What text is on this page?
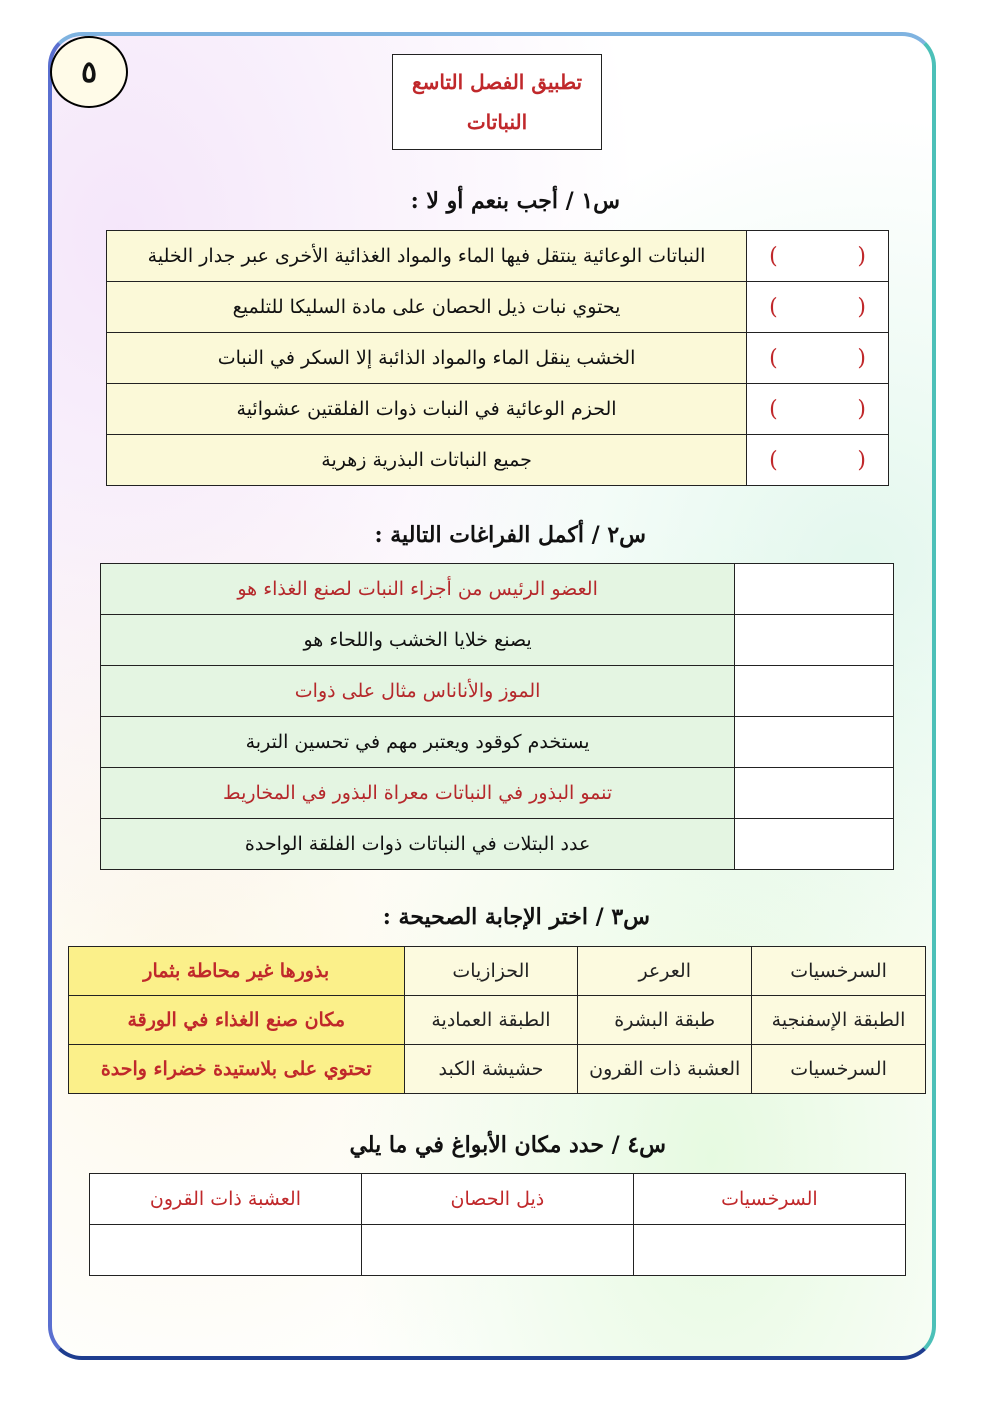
٥	تطبيق الفصل التاسع
النباتات
س١ / أجب بنعم أو لا :
النباتات الوعائية ينتقل فيها الماء والمواد الغذائية الأخرى عبر جدار الخلية	( )

يحتوي نبات ذيل الحصان على مادة السليكا للتلميع	( )

الخشب ينقل الماء والمواد الذائبة إلا السكر في النبات	( )

الحزم الوعائية في النبات ذوات الفلقتين عشوائية	( )

جميع النباتات البذرية زهرية	( )
س٢ / أكمل الفراغات التالية :
العضو الرئيس من أجزاء النبات لصنع الغذاء هو	
يصنع خلايا الخشب واللحاء هو	
الموز والأناناس مثال على ذوات	
يستخدم كوقود ويعتبر مهم في تحسين التربة	
تنمو البذور في النباتات معراة البذور في المخاريط	
عدد البتلات في النباتات ذوات الفلقة الواحدة	
س٣ / اختر الإجابة الصحيحة :
بذورها غير محاطة بثمار	الحزازيات	العرعر	السرخسيات
مكان صنع الغذاء في الورقة	الطبقة العمادية	طبقة البشرة	الطبقة الإسفنجية
تحتوي على بلاستيدة خضراء واحدة	حشيشة الكبد	العشبة ذات القرون	السرخسيات
س٤ / حدد مكان الأبواغ في ما يلي
العشبة ذات القرون	ذيل الحصان	السرخسيات
